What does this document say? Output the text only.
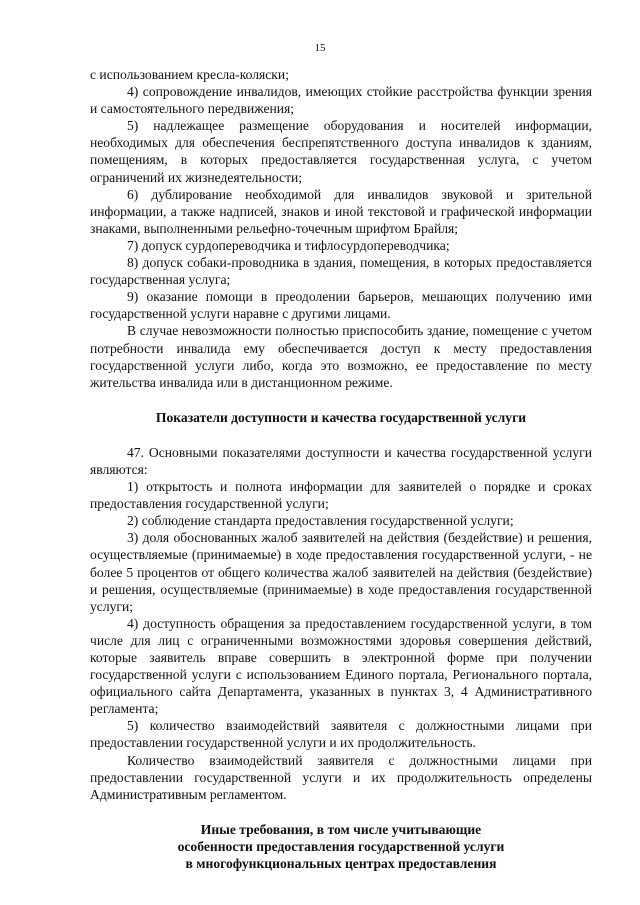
15

с использованием кресла-коляски;

4) сопровождение инвалидов, имеющих стойкие расстройства функции зрения и самостоятельного передвижения;

5) надлежащее размещение оборудования и носителей информации, необходимых для обеспечения беспрепятственного доступа инвалидов к зданиям, помещениям, в которых предоставляется государственная услуга, с учетом ограничений их жизнедеятельности;

6) дублирование необходимой для инвалидов звуковой и зрительной информации, а также надписей, знаков и иной текстовой и графической информации знаками, выполненными рельефно-точечным шрифтом Брайля;

7) допуск сурдопереводчика и тифлосурдопереводчика;

8) допуск собаки-проводника в здания, помещения, в которых предоставляется государственная услуга;

9) оказание помощи в преодолении барьеров, мешающих получению ими государственной услуги наравне с другими лицами.

В случае невозможности полностью приспособить здание, помещение с учетом потребности инвалида ему обеспечивается доступ к месту предоставления государственной услуги либо, когда это возможно, ее предоставление по месту жительства инвалида или в дистанционном режиме.

Показатели доступности и качества государственной услуги

47. Основными показателями доступности и качества государственной услуги являются:

1) открытость и полнота информации для заявителей о порядке и сроках предоставления государственной услуги;

2) соблюдение стандарта предоставления государственной услуги;

3) доля обоснованных жалоб заявителей на действия (бездействие) и решения, осуществляемые (принимаемые) в ходе предоставления государственной услуги, - не более 5 процентов от общего количества жалоб заявителей на действия (бездействие) и решения, осуществляемые (принимаемые) в ходе предоставления государственной услуги;

4) доступность обращения за предоставлением государственной услуги, в том числе для лиц с ограниченными возможностями здоровья совершения действий, которые заявитель вправе совершить в электронной форме при получении государственной услуги с использованием Единого портала, Регионального портала, официального сайта Департамента, указанных в пунктах 3, 4 Административного регламента;

5) количество взаимодействий заявителя с должностными лицами при предоставлении государственной услуги и их продолжительность.

Количество взаимодействий заявителя с должностными лицами при предоставлении государственной услуги и их продолжительность определены Административным регламентом.

Иные требования, в том числе учитывающие
особенности предоставления государственной услуги
в многофункциональных центрах предоставления
